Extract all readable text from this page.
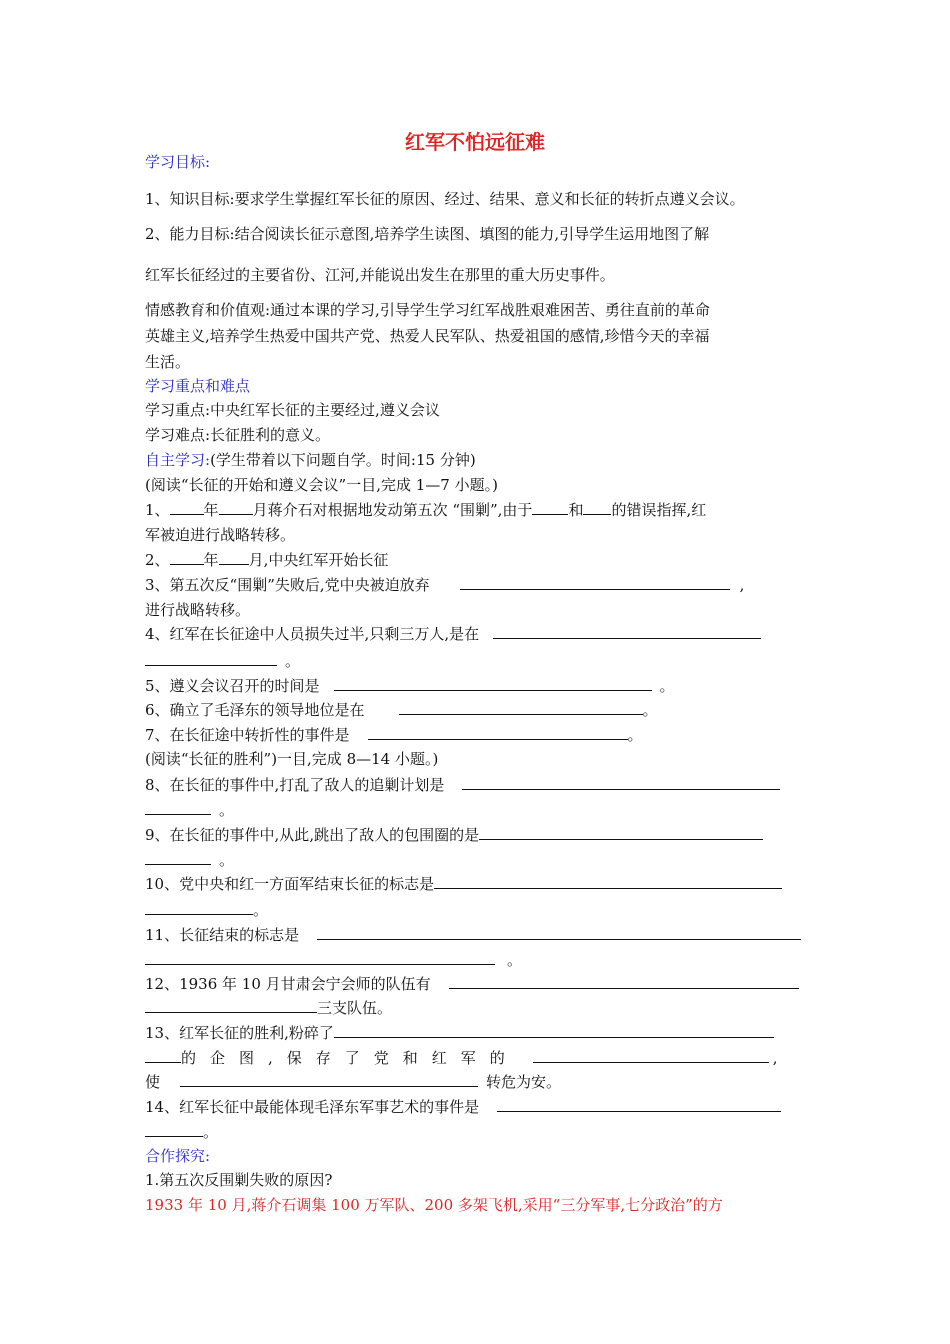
红军不怕远征难
学习目标:
1、知识目标:要求学生掌握红军长征的原因、经过、结果、意义和长征的转折点遵义会议。
2、能力目标:结合阅读长征示意图,培养学生读图、填图的能力,引导学生运用地图了解
红军长征经过的主要省份、江河,并能说出发生在那里的重大历史事件。
情感教育和价值观:通过本课的学习,引导学生学习红军战胜艰难困苦、勇往直前的革命
英雄主义,培养学生热爱中国共产党、热爱人民军队、热爱祖国的感情,珍惜今天的幸福
生活。
学习重点和难点
学习重点:中央红军长征的主要经过,遵义会议
学习难点:长征胜利的意义。
自主学习:(学生带着以下问题自学。时间:15 分钟)
(阅读“长征的开始和遵义会议”一目,完成 1—7 小题。)
1、 年 月蒋介石对根据地发动第五次 “围剿”,由于 和 的错误指挥,红
军被迫进行战略转移。
2、 年 月,中央红军开始长征
3、第五次反“围剿”失败后,党中央被迫放弃	,
进行战略转移。
4、红军在长征途中人员损失过半,只剩三万人,是在
。
5、遵义会议召开的时间是	。
6、确立了毛泽东的领导地位是在	。
7、在长征途中转折性的事件是	。
(阅读“长征的胜利”)一目,完成 8—14 小题。)
8、在长征的事件中,打乱了敌人的追剿计划是
。
9、在长征的事件中,从此,跳出了敌人的包围圈的是
。
10、党中央和红一方面军结束长征的标志是
。
11、长征结束的标志是
。
12、1936 年 10 月甘肃会宁会师的队伍有
三支队伍。
13、红军长征的胜利,粉碎了
的企图,保存了党和红军的	,
使	转危为安。
14、红军长征中最能体现毛泽东军事艺术的事件是
。
合作探究:
1.第五次反围剿失败的原因?
1933 年 10 月,蒋介石调集 100 万军队、200 多架飞机,采用“三分军事,七分政治”的方
